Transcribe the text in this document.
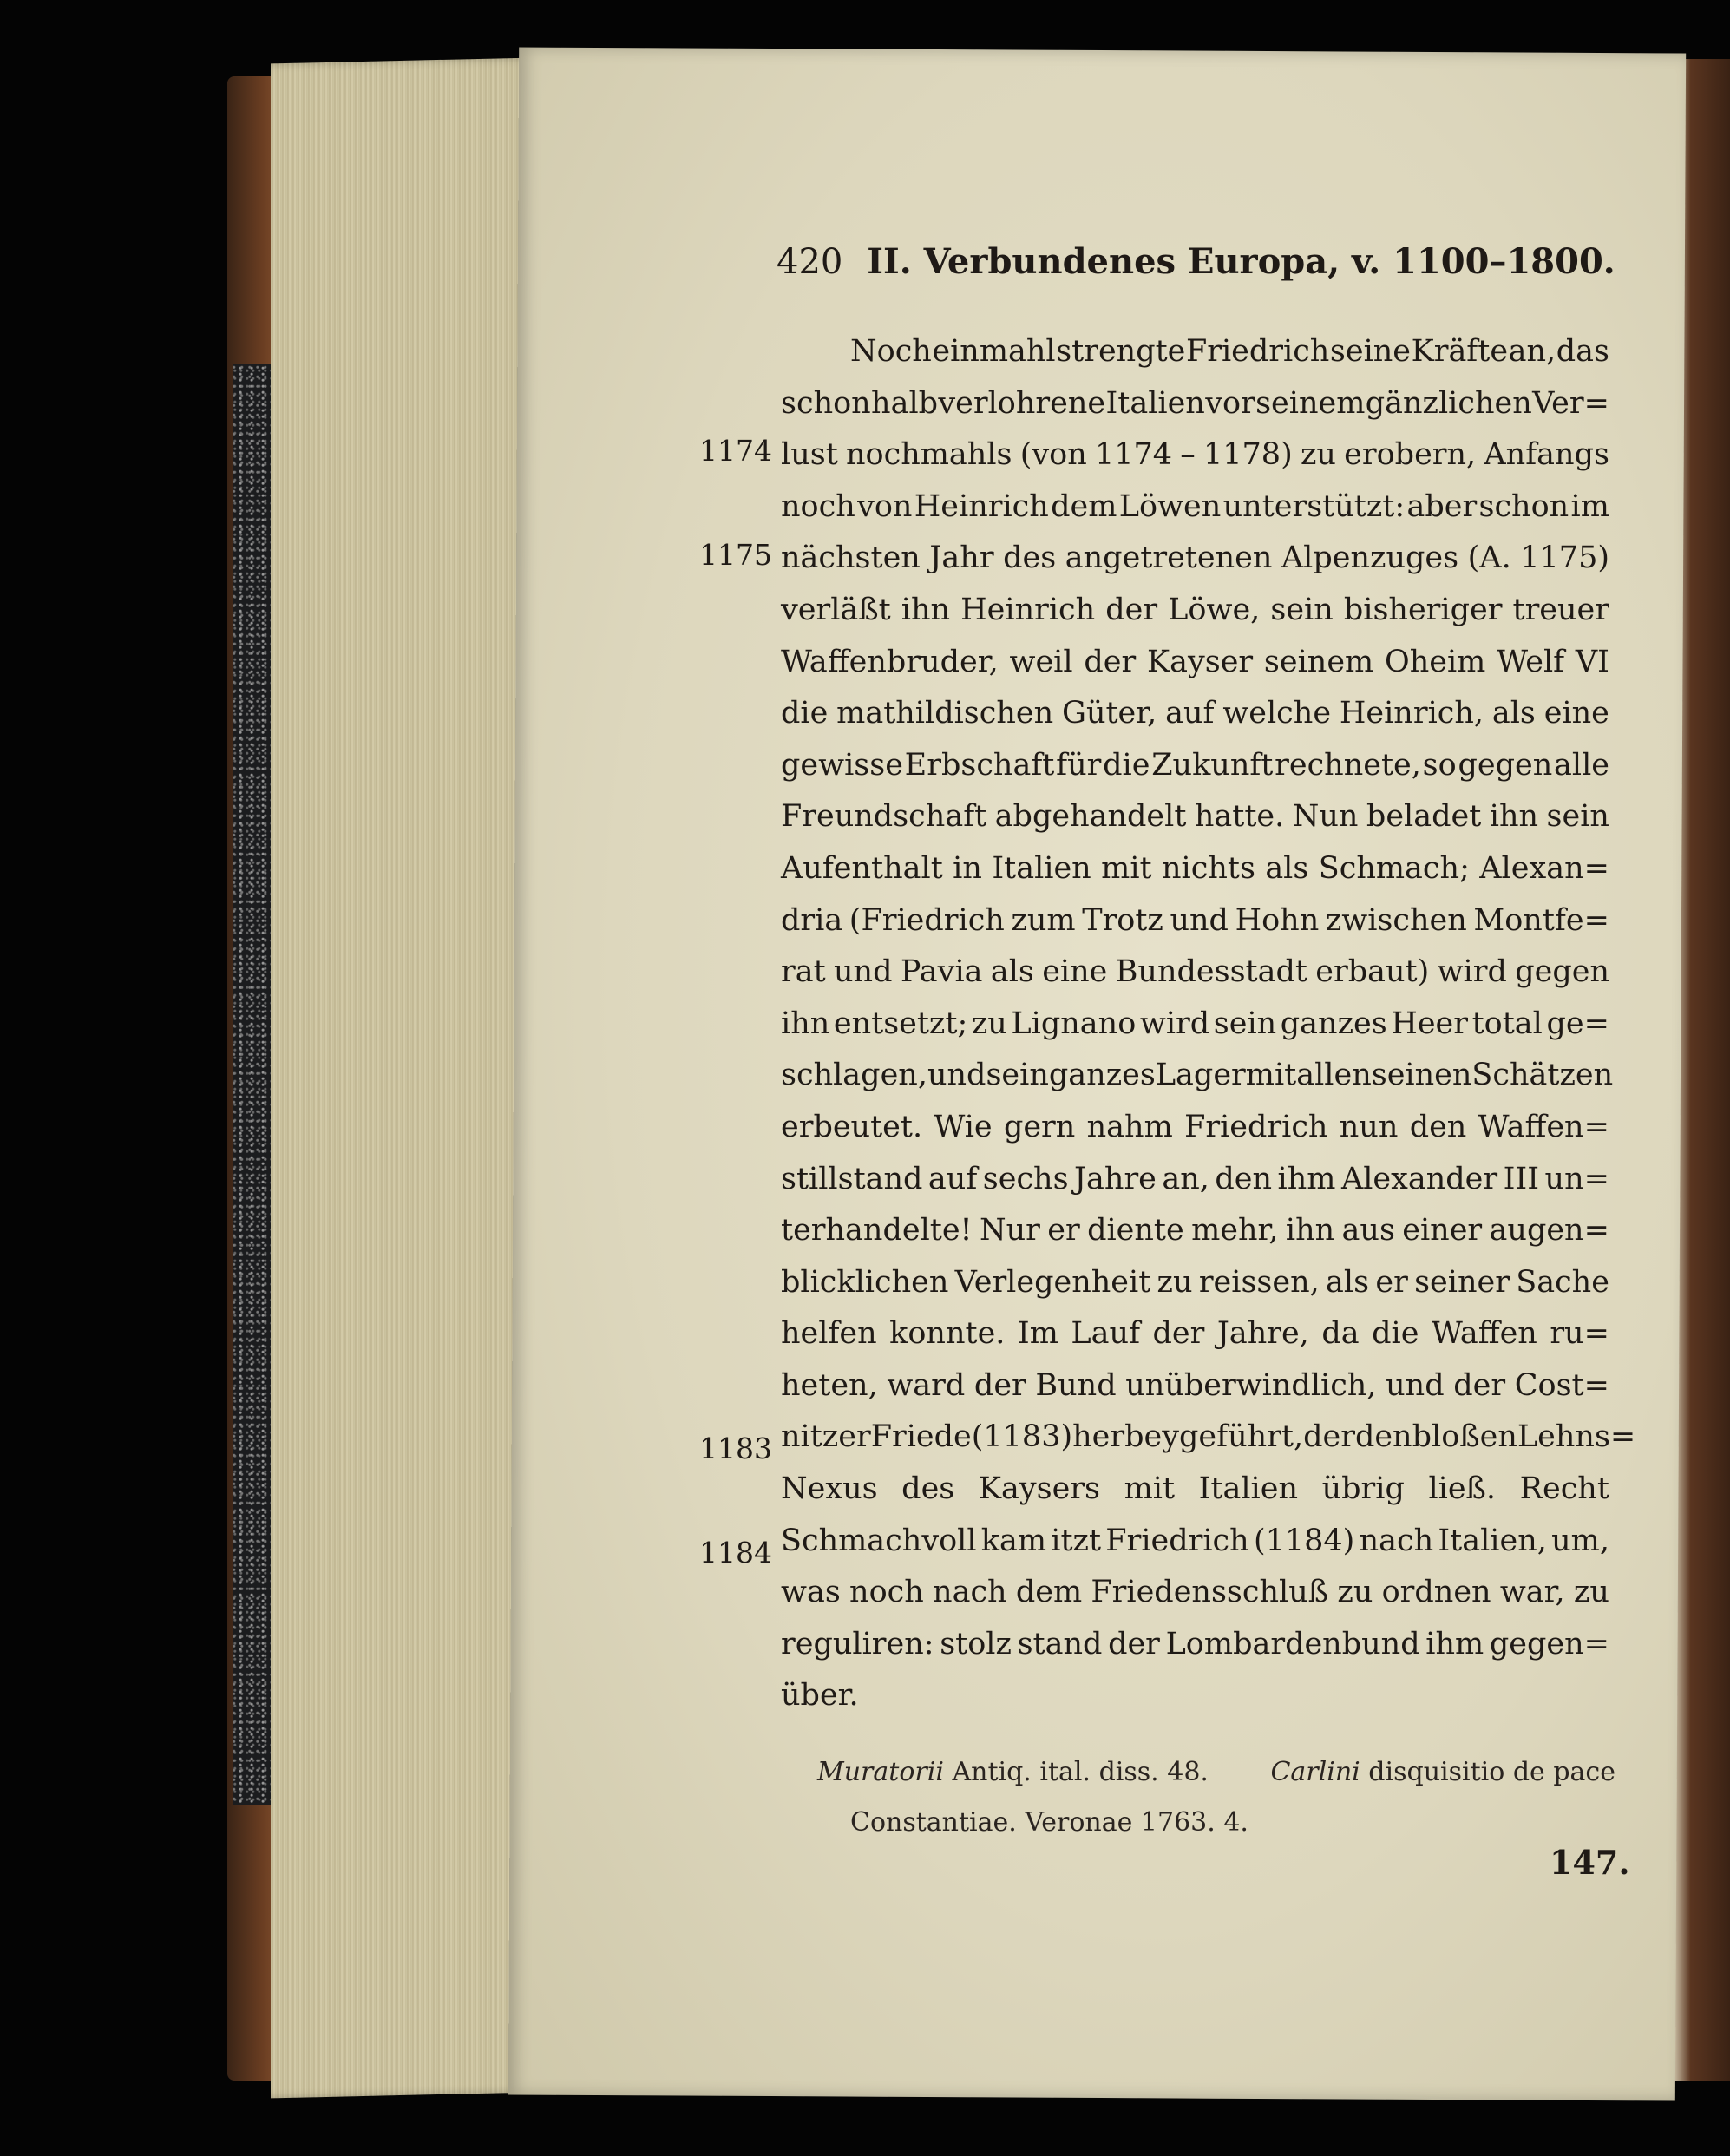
420 II. Verbundenes Europa, v. 1100–1800.
1174
1175
1183
1184
Noch einmahl strengte Friedrich seine Kräfte an, das
schon halb verlohrene Italien vor seinem gänzlichen Ver=
lust nochmahls (von 1174 – 1178) zu erobern, Anfangs
noch von Heinrich dem Löwen unterstützt: aber schon im
nächsten Jahr des angetretenen Alpenzuges (A. 1175)
verläßt ihn Heinrich der Löwe, sein bisheriger treuer
Waffenbruder, weil der Kayser seinem Oheim Welf VI
die mathildischen Güter, auf welche Heinrich, als eine
gewisse Erbschaft für die Zukunft rechnete, so gegen alle
Freundschaft abgehandelt hatte. Nun beladet ihn sein
Aufenthalt in Italien mit nichts als Schmach; Alexan=
dria (Friedrich zum Trotz und Hohn zwischen Montfe=
rat und Pavia als eine Bundesstadt erbaut) wird gegen
ihn entsetzt; zu Lignano wird sein ganzes Heer total ge=
schlagen, und sein ganzes Lager mit allen seinen Schätzen
erbeutet. Wie gern nahm Friedrich nun den Waffen=
stillstand auf sechs Jahre an, den ihm Alexander III un=
terhandelte! Nur er diente mehr, ihn aus einer augen=
blicklichen Verlegenheit zu reissen, als er seiner Sache
helfen konnte. Im Lauf der Jahre, da die Waffen ru=
heten, ward der Bund unüberwindlich, und der Cost=
nitzer Friede (1183) herbeygeführt, der den bloßen Lehns=
Nexus des Kaysers mit Italien übrig ließ. Recht
Schmachvoll kam itzt Friedrich (1184) nach Italien, um,
was noch nach dem Friedensschluß zu ordnen war, zu
reguliren: stolz stand der Lombardenbund ihm gegen=
über.
Muratorii Antiq. ital. diss. 48. Carlini disquisitio de pace
Constantiae. Veronae 1763. 4.
147.
